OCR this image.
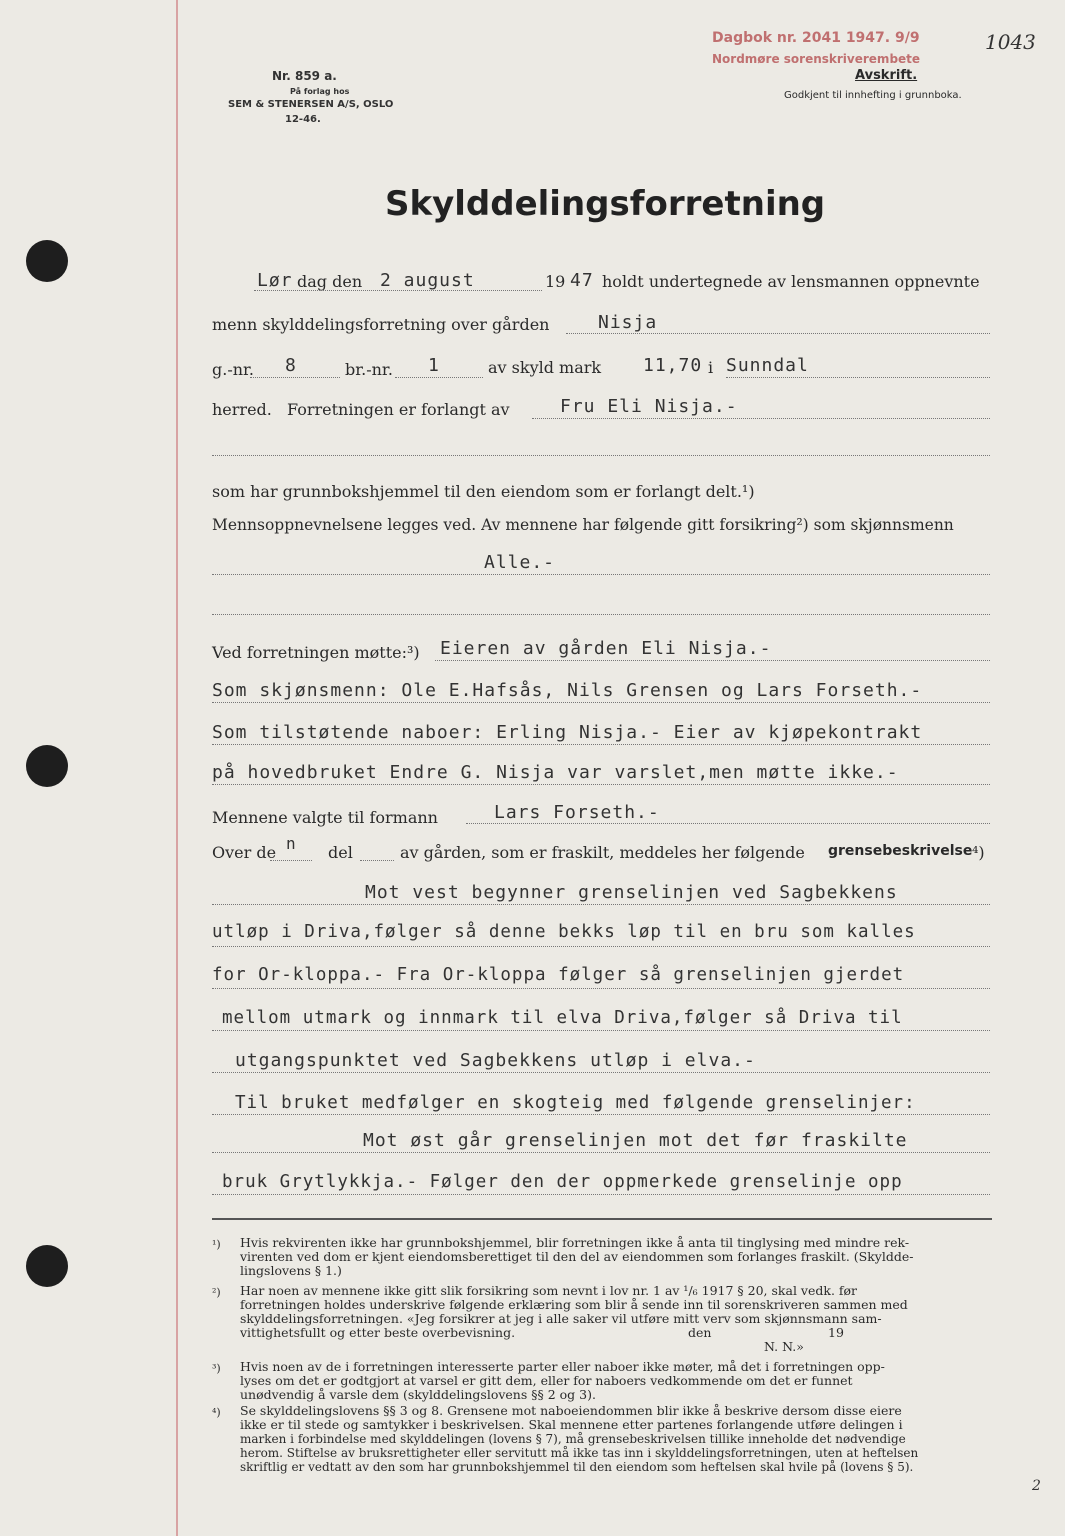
Nr. 859 a.
På forlag hos
SEM & STENERSEN A/S, OSLO
12-46.
Dagbok nr. 2041 1947. 9/9
Nordmøre sorenskriverembete
1043
Avskrift.
Godkjent til innhefting i grunnboka.
Skylddelingsforretning
Lør dag den 2 august	19 47 holdt undertegnede av lensmannen oppnevnte
menn skylddelingsforretning over gården	Nisja
g.-nr. 8	br.-nr. 1	av skyld mark 11,70 i Sunndal
herred. Forretningen er forlangt av	Fru Eli Nisja.-
som har grunnbokshjemmel til den eiendom som er forlangt delt.¹)
Mennsoppnevnelsene legges ved. Av mennene har følgende gitt forsikring²) som skjønnsmenn
Alle.-
Ved forretningen møtte:³) Eieren av gården Eli Nisja.-
Som skjønsmenn: Ole E.Hafsås, Nils Grensen og Lars Forseth.-
Som tilstøtende naboer: Erling Nisja.- Eier av kjøpekontrakt
på hovedbruket Endre G. Nisja var varslet,men møtte ikke.-
Mennene valgte til formann	Lars Forseth.-
Over de n del	av gården, som er fraskilt, meddeles her følgende grensebeskrivelse ⁴)
Mot vest begynner grenselinjen ved Sagbekkens
utløp i Driva,følger så denne bekks løp til en bru som kalles
for Or-kloppa.- Fra Or-kloppa følger så grenselinjen gjerdet
mellom utmark og innmark til elva Driva,følger så Driva til
utgangspunktet ved Sagbekkens utløp i elva.-
Til bruket medfølger en skogteig med følgende grenselinjer:
Mot øst går grenselinjen mot det før fraskilte
bruk Grytlykkja.- Følger den der oppmerkede grenselinje opp
¹) Hvis rekvirenten ikke har grunnbokshjemmel, blir forretningen ikke å anta til tinglysing med mindre rek-
virenten ved dom er kjent eiendomsberettiget til den del av eiendommen som forlanges fraskilt. (Skyldde-
lingslovens § 1.)
²) Har noen av mennene ikke gitt slik forsikring som nevnt i lov nr. 1 av ¹/₆ 1917 § 20, skal vedk. før
forretningen holdes underskrive følgende erklæring som blir å sende inn til sorenskriveren sammen med
skylddelingsforretningen. «Jeg forsikrer at jeg i alle saker vil utføre mitt verv som skjønnsmann sam-
vittighetsfullt og etter beste overbevisning.	den	19
N. N.»
³) Hvis noen av de i forretningen interesserte parter eller naboer ikke møter, må det i forretningen opp-
lyses om det er godtgjort at varsel er gitt dem, eller for naboers vedkommende om det er funnet
unødvendig å varsle dem (skylddelingslovens §§ 2 og 3).
⁴) Se skylddelingslovens §§ 3 og 8. Grensene mot naboeiendommen blir ikke å beskrive dersom disse eiere
ikke er til stede og samtykker i beskrivelsen. Skal mennene etter partenes forlangende utføre delingen i
marken i forbindelse med skylddelingen (lovens § 7), må grensebeskrivelsen tillike inneholde det nødvendige
herom. Stiftelse av bruksrettigheter eller servitutt må ikke tas inn i skylddelingsforretningen, uten at heftelsen
skriftlig er vedtatt av den som har grunnbokshjemmel til den eiendom som heftelsen skal hvile på (lovens § 5).
2
